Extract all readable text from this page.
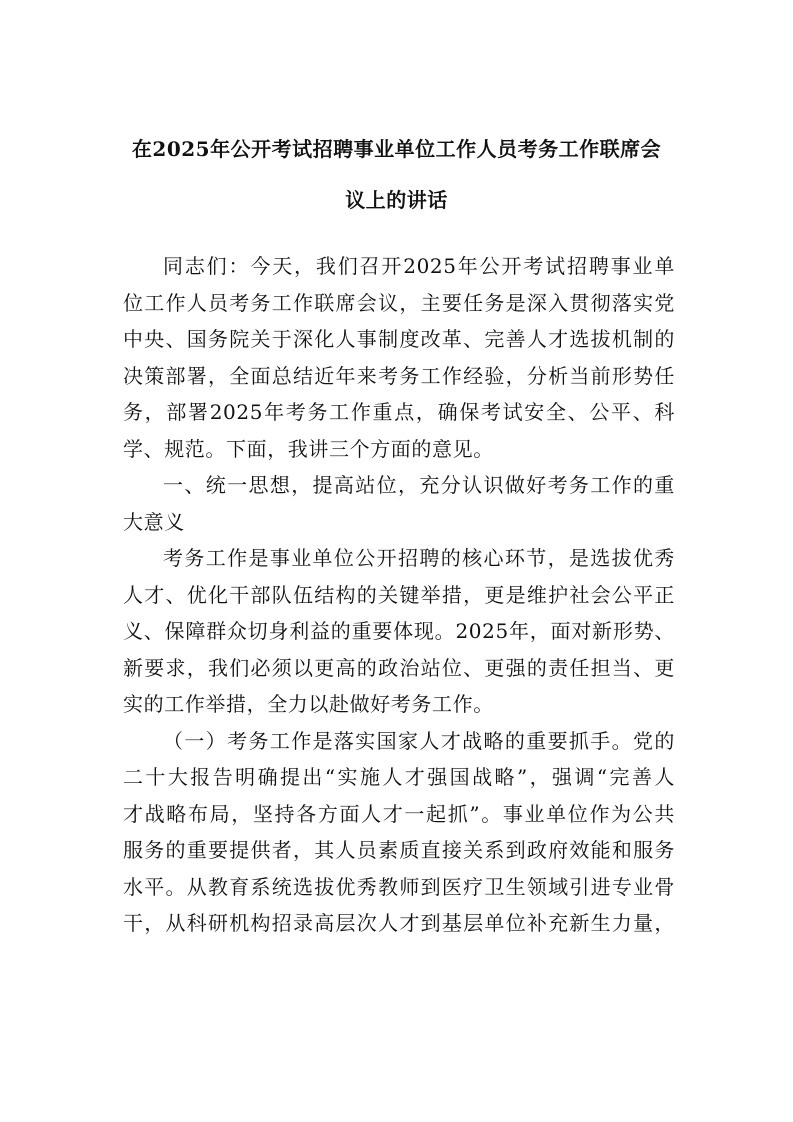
在2025年公开考试招聘事业单位工作人员考务工作联席会
议上的讲话
同志们：今天，我们召开2025年公开考试招聘事业单
位工作人员考务工作联席会议，主要任务是深入贯彻落实党
中央、国务院关于深化人事制度改革、完善人才选拔机制的
决策部署，全面总结近年来考务工作经验，分析当前形势任
务，部署2025年考务工作重点，确保考试安全、公平、科
学、规范。下面，我讲三个方面的意见。
一、统一思想，提高站位，充分认识做好考务工作的重
大意义
考务工作是事业单位公开招聘的核心环节，是选拔优秀
人才、优化干部队伍结构的关键举措，更是维护社会公平正
义、保障群众切身利益的重要体现。2025年，面对新形势、
新要求，我们必须以更高的政治站位、更强的责任担当、更
实的工作举措，全力以赴做好考务工作。
（一）考务工作是落实国家人才战略的重要抓手。党的
二十大报告明确提出“实施人才强国战略”，强调“完善人
才战略布局，坚持各方面人才一起抓”。事业单位作为公共
服务的重要提供者，其人员素质直接关系到政府效能和服务
水平。从教育系统选拔优秀教师到医疗卫生领域引进专业骨
干，从科研机构招录高层次人才到基层单位补充新生力量，
